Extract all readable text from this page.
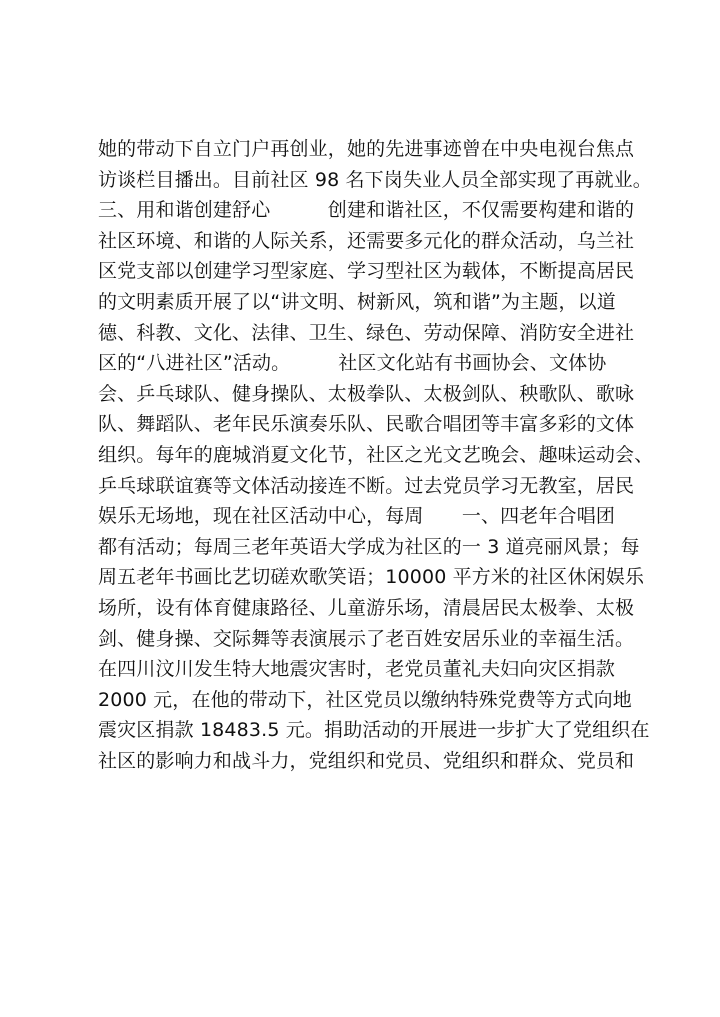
她的带动下自立门户再创业，她的先进事迹曾在中央电视台焦点
访谈栏目播出。目前社区 98 名下岗失业人员全部实现了再就业。
三、用和谐创建舒心　　　创建和谐社区，不仅需要构建和谐的
社区环境、和谐的人际关系，还需要多元化的群众活动，乌兰社
区党支部以创建学习型家庭、学习型社区为载体，不断提高居民
的文明素质开展了以“讲文明、树新风，筑和谐”为主题，以道
德、科教、文化、法律、卫生、绿色、劳动保障、消防安全进社
区的“八进社区”活动。　　　社区文化站有书画协会、文体协
会、乒乓球队、健身操队、太极拳队、太极剑队、秧歌队、歌咏
队、舞蹈队、老年民乐演奏乐队、民歌合唱团等丰富多彩的文体
组织。每年的鹿城消夏文化节，社区之光文艺晚会、趣味运动会、
乒乓球联谊赛等文体活动接连不断。过去党员学习无教室，居民
娱乐无场地，现在社区活动中心，每周　　一、四老年合唱团
都有活动；每周三老年英语大学成为社区的一 3 道亮丽风景；每
周五老年书画比艺切磋欢歌笑语；10000 平方米的社区休闲娱乐
场所，设有体育健康路径、儿童游乐场，清晨居民太极拳、太极
剑、健身操、交际舞等表演展示了老百姓安居乐业的幸福生活。
在四川汶川发生特大地震灾害时，老党员董礼夫妇向灾区捐款
2000 元，在他的带动下，社区党员以缴纳特殊党费等方式向地
震灾区捐款 18483.5 元。捐助活动的开展进一步扩大了党组织在
社区的影响力和战斗力，党组织和党员、党组织和群众、党员和
